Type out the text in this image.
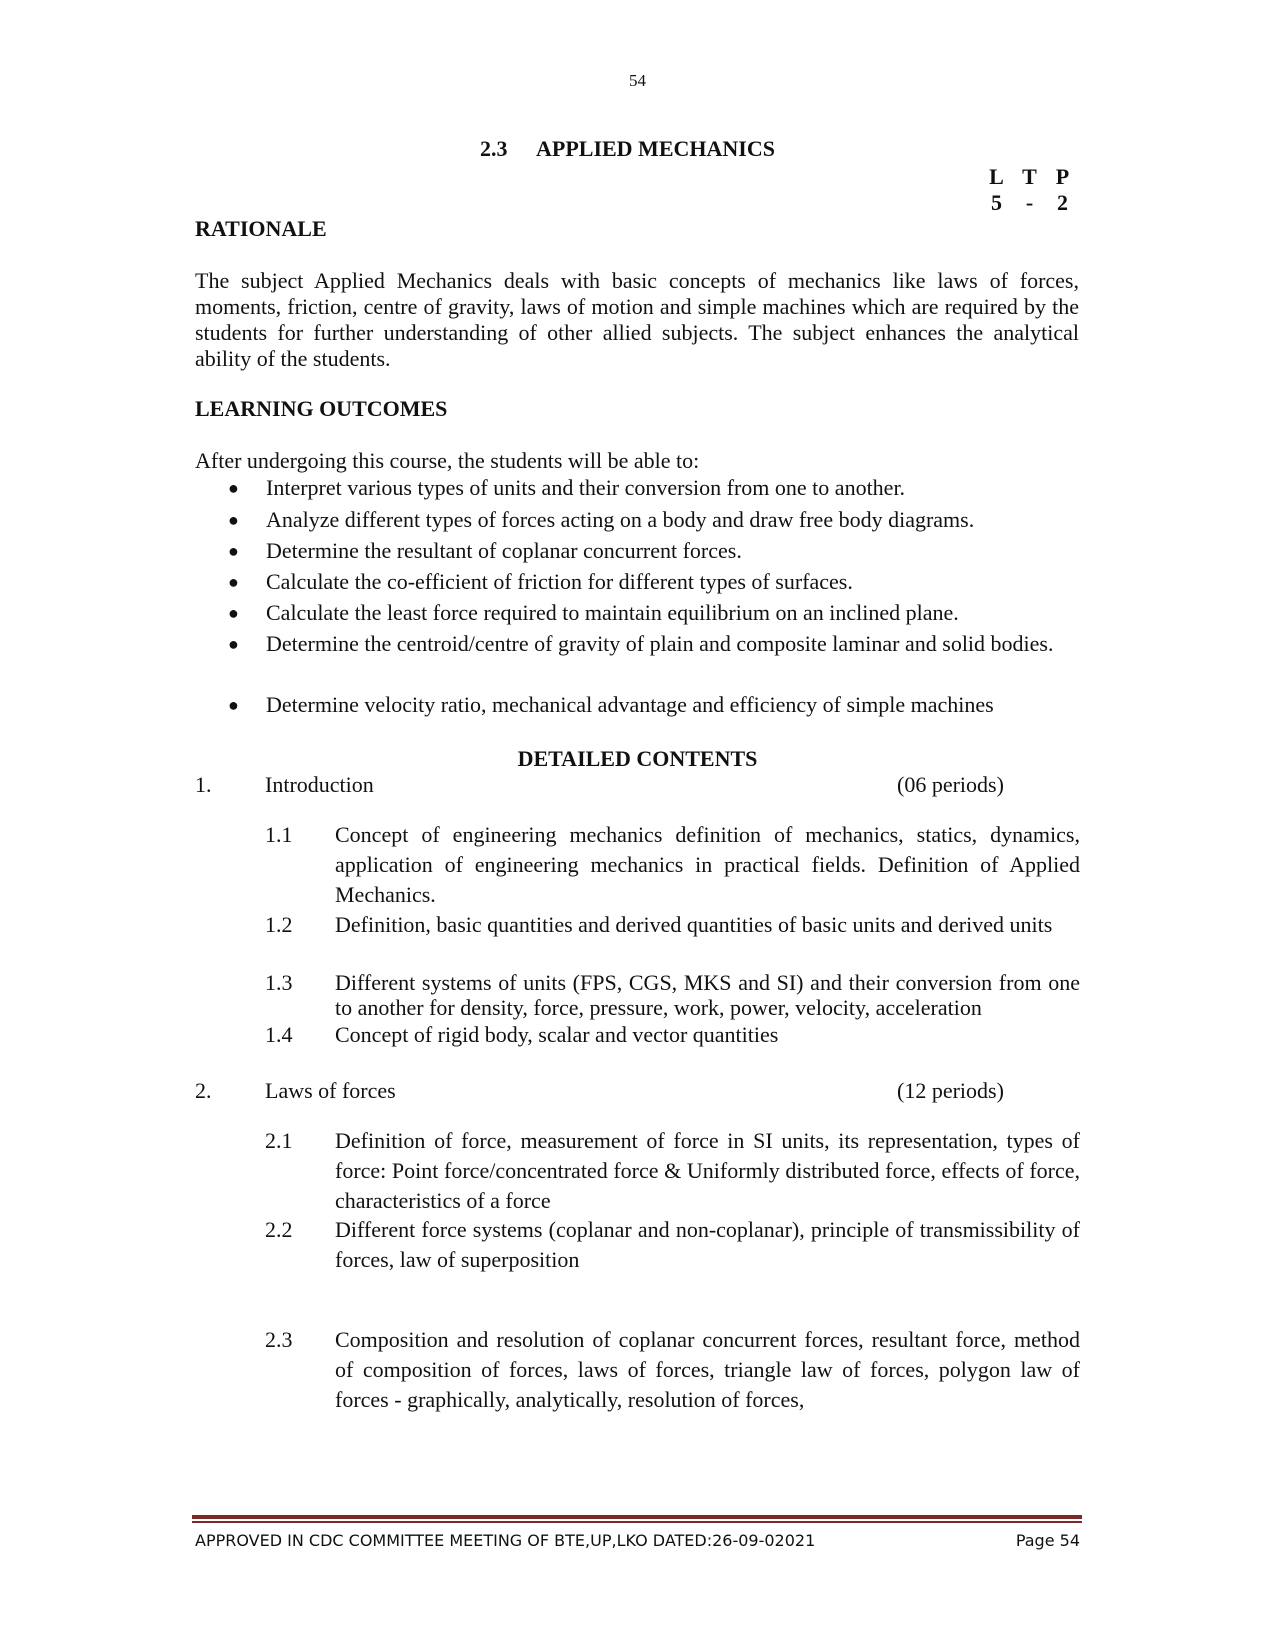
54
2.3 APPLIED MECHANICS
L T P
5 - 2
RATIONALE
The subject Applied Mechanics deals with basic concepts of mechanics like laws of forces, moments, friction, centre of gravity, laws of motion and simple machines which are required by the students for further understanding of other allied subjects. The subject enhances the analytical ability of the students.
LEARNING OUTCOMES
After undergoing this course, the students will be able to:
●	Interpret various types of units and their conversion from one to another.
●	Analyze different types of forces acting on a body and draw free body diagrams.
●	Determine the resultant of coplanar concurrent forces.
●	Calculate the co-efficient of friction for different types of surfaces.
●	Calculate the least force required to maintain equilibrium on an inclined plane.
●	Determine the centroid/centre of gravity of plain and composite laminar and solid bodies.
●	Determine velocity ratio, mechanical advantage and efficiency of simple machines
DETAILED CONTENTS
1.	Introduction	(06 periods)
1.1	Concept of engineering mechanics definition of mechanics, statics, dynamics, application of engineering mechanics in practical fields. Definition of Applied Mechanics.
1.2	Definition, basic quantities and derived quantities of basic units and derived units
1.3	Different systems of units (FPS, CGS, MKS and SI) and their conversion from one to another for density, force, pressure, work, power, velocity, acceleration
1.4	Concept of rigid body, scalar and vector quantities
2.	Laws of forces	(12 periods)
2.1	Definition of force, measurement of force in SI units, its representation, types of force: Point force/concentrated force & Uniformly distributed force, effects of force, characteristics of a force
2.2	Different force systems (coplanar and non-coplanar), principle of transmissibility of forces, law of superposition
2.3	Composition and resolution of coplanar concurrent forces, resultant force, method of composition of forces, laws of forces, triangle law of forces, polygon law of forces - graphically, analytically, resolution of forces,
APPROVED IN CDC COMMITTEE MEETING OF BTE,UP,LKO DATED:26-09-02021	Page 54
